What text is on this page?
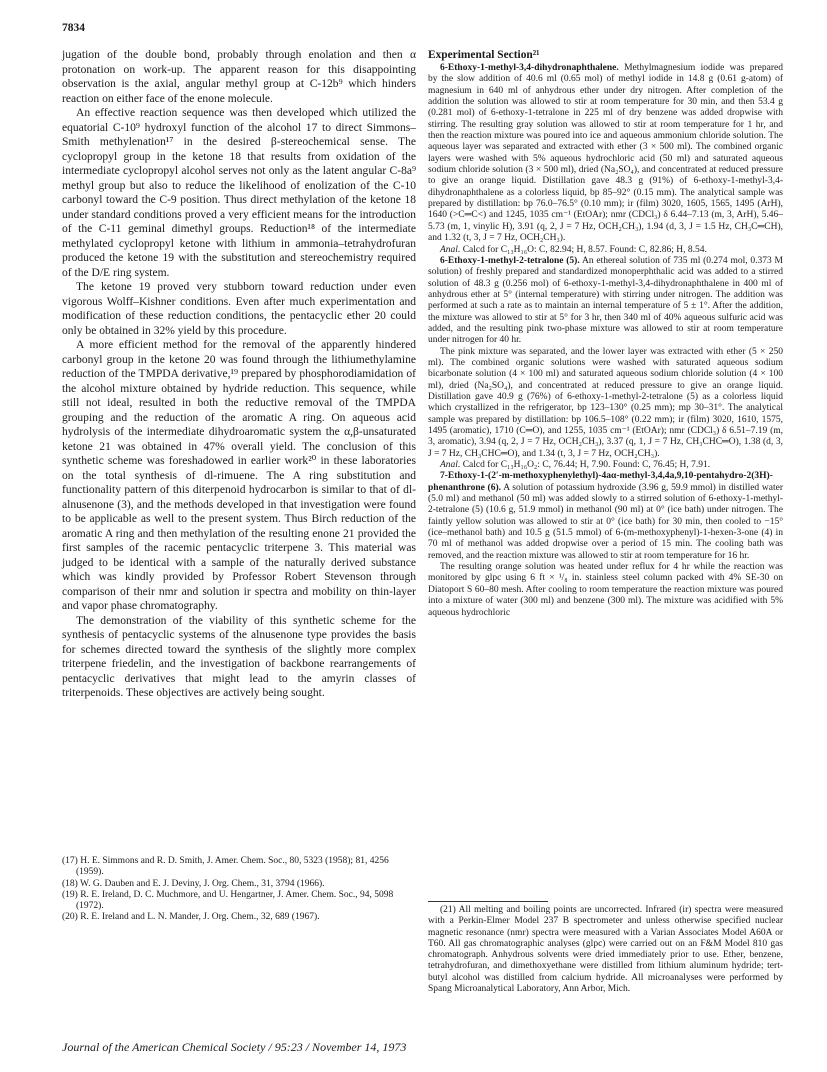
7834

jugation of the double bond, probably through enolation and then α protonation on work-up. The apparent reason for this disappointing observation is the axial, angular methyl group at C-12b⁹ which hinders reaction on either face of the enone molecule.

An effective reaction sequence was then developed which utilized the equatorial C-10⁹ hydroxyl function of the alcohol 17 to direct Simmons–Smith methylenation¹⁷ in the desired β-stereochemical sense. The cyclopropyl group in the ketone 18 that results from oxidation of the intermediate cyclopropyl alcohol serves not only as the latent angular C-8a⁹ methyl group but also to reduce the likelihood of enolization of the C-10 carbonyl toward the C-9 position. Thus direct methylation of the ketone 18 under standard conditions proved a very efficient means for the introduction of the C-11 geminal dimethyl groups. Reduction¹⁸ of the intermediate methylated cyclopropyl ketone with lithium in ammonia–tetrahydrofuran produced the ketone 19 with the substitution and stereochemistry required of the D/E ring system.

The ketone 19 proved very stubborn toward reduction under even vigorous Wolff–Kishner conditions. Even after much experimentation and modification of these reduction conditions, the pentacyclic ether 20 could only be obtained in 32% yield by this procedure.

A more efficient method for the removal of the apparently hindered carbonyl group in the ketone 20 was found through the lithiumethylamine reduction of the TMPDA derivative,¹⁹ prepared by phosphorodiamidation of the alcohol mixture obtained by hydride reduction. This sequence, while still not ideal, resulted in both the reductive removal of the TMPDA grouping and the reduction of the aromatic A ring. On aqueous acid hydrolysis of the intermediate dihydroaromatic system the α,β-unsaturated ketone 21 was obtained in 47% overall yield. The conclusion of this synthetic scheme was foreshadowed in earlier work²⁰ in these laboratories on the total synthesis of dl-rimuene. The A ring substitution and functionality pattern of this diterpenoid hydrocarbon is similar to that of dl-alnusenone (3), and the methods developed in that investigation were found to be applicable as well to the present system. Thus Birch reduction of the aromatic A ring and then methylation of the resulting enone 21 provided the first samples of the racemic pentacyclic triterpene 3. This material was judged to be identical with a sample of the naturally derived substance which was kindly provided by Professor Robert Stevenson through comparison of their nmr and solution ir spectra and mobility on thin-layer and vapor phase chromatography.

The demonstration of the viability of this synthetic scheme for the synthesis of pentacyclic systems of the alnusenone type provides the basis for schemes directed toward the synthesis of the slightly more complex triterpene friedelin, and the investigation of backbone rearrangements of pentacyclic derivatives that might lead to the amyrin classes of triterpenoids. These objectives are actively being sought.

(17) H. E. Simmons and R. D. Smith, J. Amer. Chem. Soc., 80, 5323 (1958); 81, 4256 (1959).

(18) W. G. Dauben and E. J. Deviny, J. Org. Chem., 31, 3794 (1966).

(19) R. E. Ireland, D. C. Muchmore, and U. Hengartner, J. Amer. Chem. Soc., 94, 5098 (1972).

(20) R. E. Ireland and L. N. Mander, J. Org. Chem., 32, 689 (1967).

Experimental Section²¹

6-Ethoxy-1-methyl-3,4-dihydronaphthalene. Methylmagnesium iodide was prepared by the slow addition of 40.6 ml (0.65 mol) of methyl iodide in 14.8 g (0.61 g-atom) of magnesium in 640 ml of anhydrous ether under dry nitrogen. After completion of the addition the solution was allowed to stir at room temperature for 30 min, and then 53.4 g (0.281 mol) of 6-ethoxy-1-tetralone in 225 ml of dry benzene was added dropwise with stirring. The resulting gray solution was allowed to stir at room temperature for 1 hr, and then the reaction mixture was poured into ice and aqueous ammonium chloride solution. The aqueous layer was separated and extracted with ether (3 × 500 ml). The combined organic layers were washed with 5% aqueous hydrochloric acid (50 ml) and saturated aqueous sodium chloride solution (3 × 500 ml), dried (Na₂SO₄), and concentrated at reduced pressure to give an orange liquid. Distillation gave 48.3 g (91%) of 6-ethoxy-1-methyl-3,4-dihydronaphthalene as a colorless liquid, bp 85–92° (0.15 mm). The analytical sample was prepared by distillation: bp 76.0–76.5° (0.10 mm); ir (film) 3020, 1605, 1565, 1495 (ArH), 1640 (>C═C<) and 1245, 1035 cm⁻¹ (EtOAr); nmr (CDCl₃) δ 6.44–7.13 (m, 3, ArH), 5.46–5.73 (m, 1, vinylic H), 3.91 (q, 2, J = 7 Hz, OCH₂CH₃), 1.94 (d, 3, J = 1.5 Hz, CH₃C═CH), and 1.32 (t, 3, J = 7 Hz, OCH₂CH₃).

Anal. Calcd for C₁₃H₁₆O: C, 82.94; H, 8.57. Found: C, 82.86; H, 8.54.

6-Ethoxy-1-methyl-2-tetralone (5). An ethereal solution of 735 ml (0.274 mol, 0.373 M solution) of freshly prepared and standardized monoperphthalic acid was added to a stirred solution of 48.3 g (0.256 mol) of 6-ethoxy-1-methyl-3,4-dihydronaphthalene in 400 ml of anhydrous ether at 5° (internal temperature) with stirring under nitrogen. The addition was performed at such a rate as to maintain an internal temperature of 5 ± 1°. After the addition, the mixture was allowed to stir at 5° for 3 hr, then 340 ml of 40% aqueous sulfuric acid was added, and the resulting pink two-phase mixture was allowed to stir at room temperature under nitrogen for 40 hr.

The pink mixture was separated, and the lower layer was extracted with ether (5 × 250 ml). The combined organic solutions were washed with saturated aqueous sodium bicarbonate solution (4 × 100 ml) and saturated aqueous sodium chloride solution (4 × 100 ml), dried (Na₂SO₄), and concentrated at reduced pressure to give an orange liquid. Distillation gave 40.9 g (76%) of 6-ethoxy-1-methyl-2-tetralone (5) as a colorless liquid which crystallized in the refrigerator, bp 123–130° (0.25 mm); mp 30–31°. The analytical sample was prepared by distillation: bp 106.5–108° (0.22 mm); ir (film) 3020, 1610, 1575, 1495 (aromatic), 1710 (C═O), and 1255, 1035 cm⁻¹ (EtOAr); nmr (CDCl₃) δ 6.51–7.19 (m, 3, aromatic), 3.94 (q, 2, J = 7 Hz, OCH₂CH₃), 3.37 (q, 1, J = 7 Hz, CH₃CHC═O), 1.38 (d, 3, J = 7 Hz, CH₃CHC═O), and 1.34 (t, 3, J = 7 Hz, OCH₂CH₃).

Anal. Calcd for C₁₃H₁₆O₂: C, 76.44; H, 7.90. Found: C, 76.45; H, 7.91.

7-Ethoxy-1-(2′-m-methoxyphenylethyl)-4aα-methyl-3,4,4a,9,10-pentahydro-2(3H)-phenanthrone (6). A solution of potassium hydroxide (3.96 g, 59.9 mmol) in distilled water (5.0 ml) and methanol (50 ml) was added slowly to a stirred solution of 6-ethoxy-1-methyl-2-tetralone (5) (10.6 g, 51.9 mmol) in methanol (90 ml) at 0° (ice bath) under nitrogen. The faintly yellow solution was allowed to stir at 0° (ice bath) for 30 min, then cooled to −15° (ice–methanol bath) and 10.5 g (51.5 mmol) of 6-(m-methoxyphenyl)-1-hexen-3-one (4) in 70 ml of methanol was added dropwise over a period of 15 min. The cooling bath was removed, and the reaction mixture was allowed to stir at room temperature for 16 hr.

The resulting orange solution was heated under reflux for 4 hr while the reaction was monitored by glpc using 6 ft × ¹/₈ in. stainless steel column packed with 4% SE-30 on Diatoport S 60–80 mesh. After cooling to room temperature the reaction mixture was poured into a mixture of water (300 ml) and benzene (300 ml). The mixture was acidified with 5% aqueous hydrochloric

(21) All melting and boiling points are uncorrected. Infrared (ir) spectra were measured with a Perkin-Elmer Model 237 B spectrometer and unless otherwise specified nuclear magnetic resonance (nmr) spectra were measured with a Varian Associates Model A60A or T60. All gas chromatographic analyses (glpc) were carried out on an F&M Model 810 gas chromatograph. Anhydrous solvents were dried immediately prior to use. Ether, benzene, tetrahydrofuran, and dimethoxyethane were distilled from lithium aluminum hydride; tert-butyl alcohol was distilled from calcium hydride. All microanalyses were performed by Spang Microanalytical Laboratory, Ann Arbor, Mich.

Journal of the American Chemical Society / 95:23 / November 14, 1973
